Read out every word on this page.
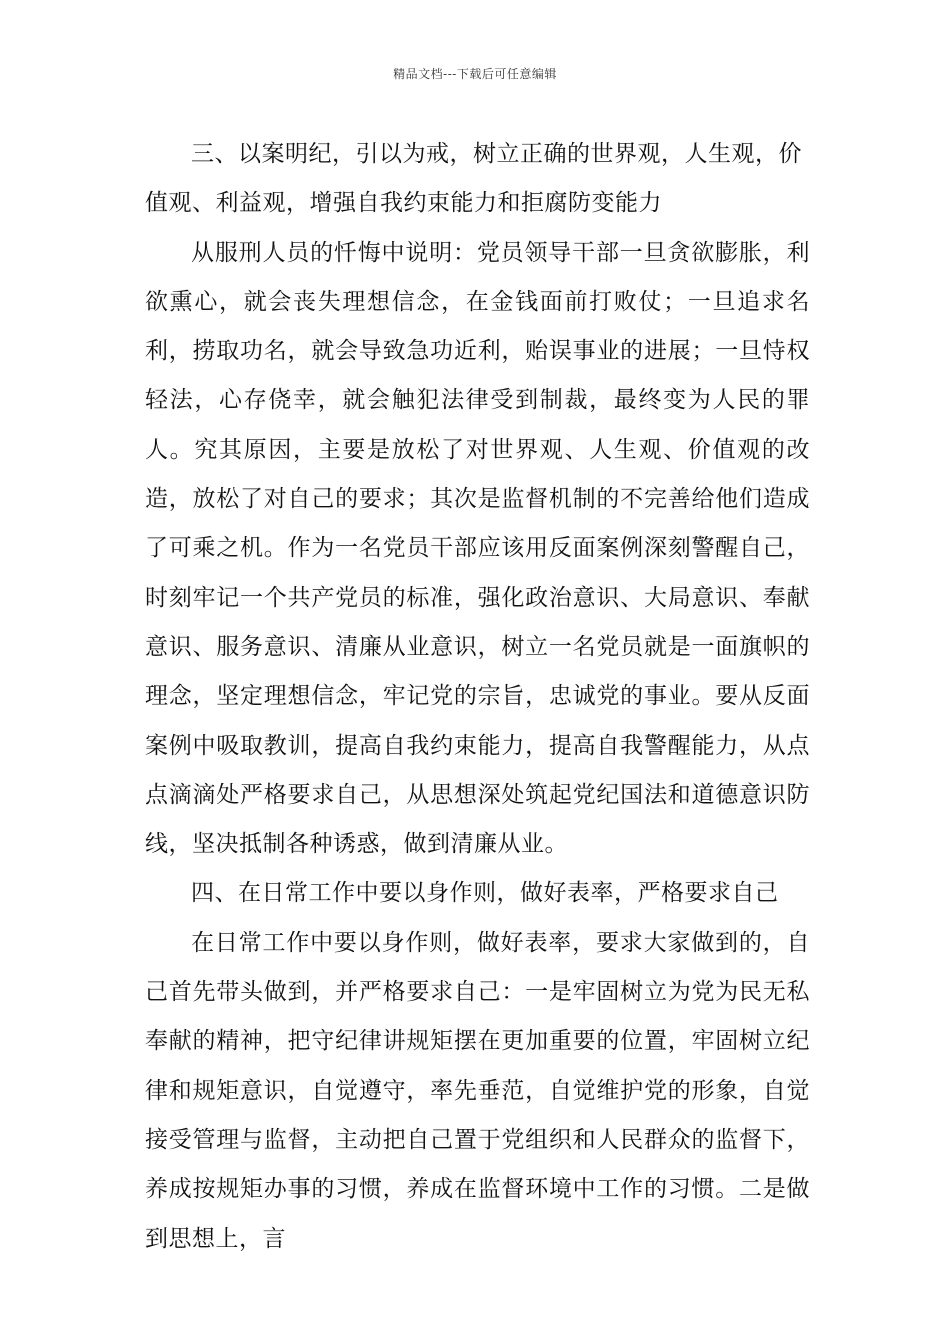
精品文档---下载后可任意编辑

三、以案明纪，引以为戒，树立正确的世界观，人生观，价值观、利益观，增强自我约束能力和拒腐防变能力

从服刑人员的忏悔中说明：党员领导干部一旦贪欲膨胀，利欲熏心，就会丧失理想信念，在金钱面前打败仗；一旦追求名利，捞取功名，就会导致急功近利，贻误事业的进展；一旦恃权轻法，心存侥幸，就会触犯法律受到制裁，最终变为人民的罪人。究其原因，主要是放松了对世界观、人生观、价值观的改造，放松了对自己的要求；其次是监督机制的不完善给他们造成了可乘之机。作为一名党员干部应该用反面案例深刻警醒自己，时刻牢记一个共产党员的标准，强化政治意识、大局意识、奉献意识、服务意识、清廉从业意识，树立一名党员就是一面旗帜的理念，坚定理想信念，牢记党的宗旨，忠诚党的事业。要从反面案例中吸取教训，提高自我约束能力，提高自我警醒能力，从点点滴滴处严格要求自己，从思想深处筑起党纪国法和道德意识防线，坚决抵制各种诱惑，做到清廉从业。

四、在日常工作中要以身作则，做好表率，严格要求自己

在日常工作中要以身作则，做好表率，要求大家做到的，自己首先带头做到，并严格要求自己：一是牢固树立为党为民无私奉献的精神，把守纪律讲规矩摆在更加重要的位置，牢固树立纪律和规矩意识，自觉遵守，率先垂范，自觉维护党的形象，自觉接受管理与监督，主动把自己置于党组织和人民群众的监督下，养成按规矩办事的习惯，养成在监督环境中工作的习惯。二是做到思想上，言
